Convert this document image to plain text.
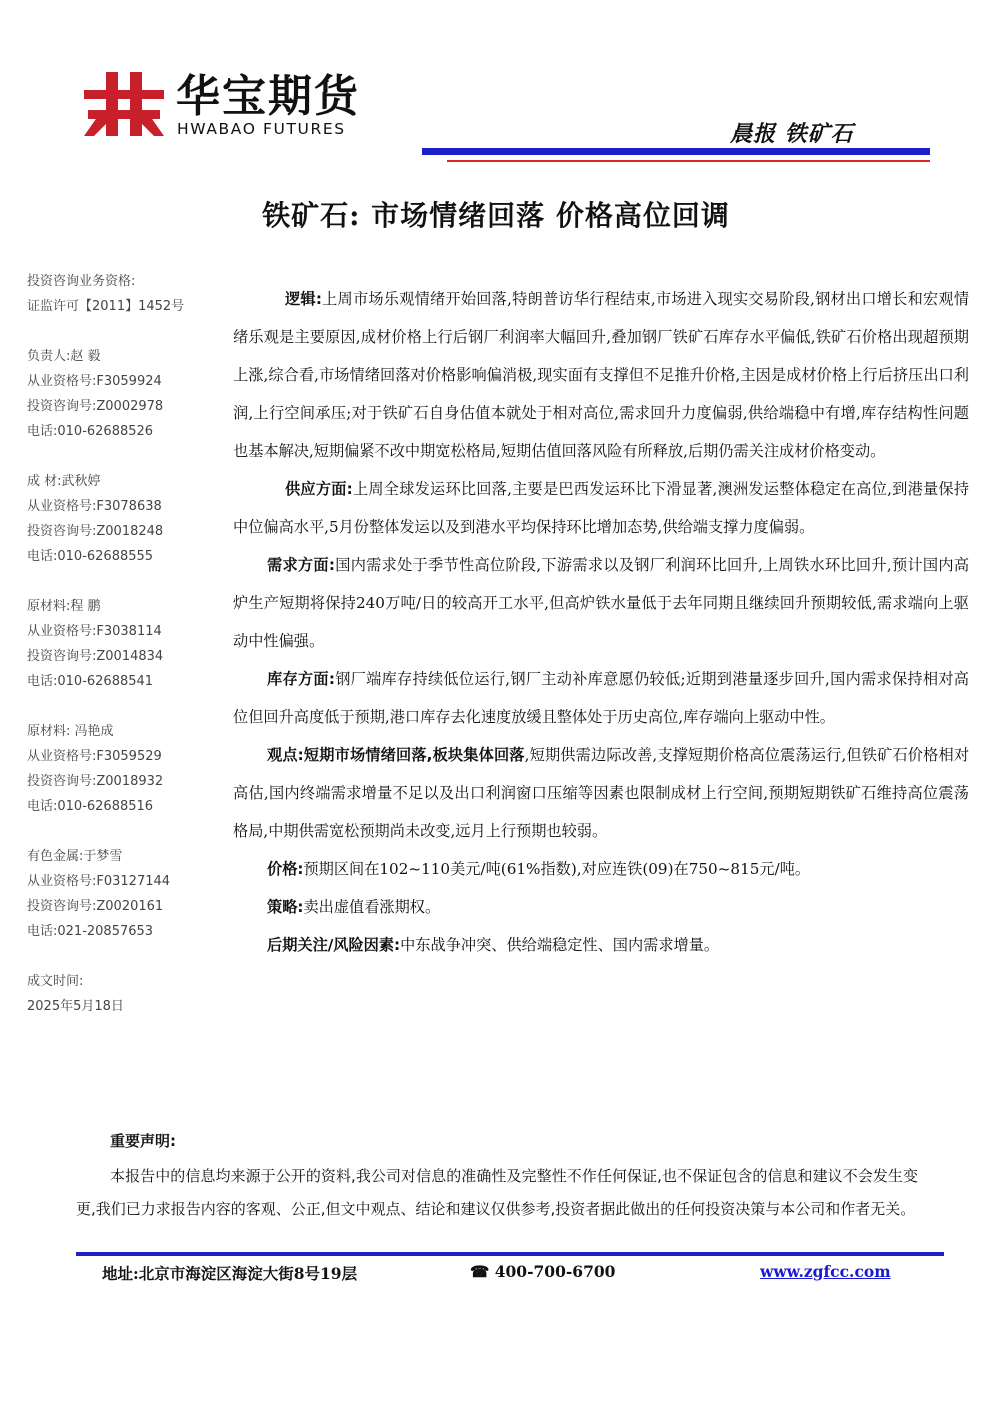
华宝期货
HWABAO FUTURES	晨报 铁矿石
铁矿石: 市场情绪回落 价格高位回调
投资咨询业务资格:
证监许可【2011】1452号
负责人:赵 毅
从业资格号:F3059924
投资咨询号:Z0002978
电话:010-62688526
成 材:武秋婷
从业资格号:F3078638
投资咨询号:Z0018248
电话:010-62688555
原材料:程 鹏
从业资格号:F3038114
投资咨询号:Z0014834
电话:010-62688541
原材料: 冯艳成
从业资格号:F3059529
投资咨询号:Z0018932
电话:010-62688516
有色金属:于梦雪
从业资格号:F03127144
投资咨询号:Z0020161
电话:021-20857653
成文时间:
2025年5月18日

逻辑:上周市场乐观情绪开始回落,特朗普访华行程结束,市场进入现实交易阶段,钢材出口增长和宏观情绪乐观是主要原因,成材价格上行后钢厂利润率大幅回升,叠加钢厂铁矿石库存水平偏低,铁矿石价格出现超预期上涨,综合看,市场情绪回落对价格影响偏消极,现实面有支撑但不足推升价格,主因是成材价格上行后挤压出口利润,上行空间承压;对于铁矿石自身估值本就处于相对高位,需求回升力度偏弱,供给端稳中有增,库存结构性问题也基本解决,短期偏紧不改中期宽松格局,短期估值回落风险有所释放,后期仍需关注成材价格变动。

供应方面:上周全球发运环比回落,主要是巴西发运环比下滑显著,澳洲发运整体稳定在高位,到港量保持中位偏高水平,5月份整体发运以及到港水平均保持环比增加态势,供给端支撑力度偏弱。

需求方面:国内需求处于季节性高位阶段,下游需求以及钢厂利润环比回升,上周铁水环比回升,预计国内高炉生产短期将保持240万吨/日的较高开工水平,但高炉铁水量低于去年同期且继续回升预期较低,需求端向上驱动中性偏强。

库存方面:钢厂端库存持续低位运行,钢厂主动补库意愿仍较低;近期到港量逐步回升,国内需求保持相对高位但回升高度低于预期,港口库存去化速度放缓且整体处于历史高位,库存端向上驱动中性。

观点:短期市场情绪回落,板块集体回落,短期供需边际改善,支撑短期价格高位震荡运行,但铁矿石价格相对高估,国内终端需求增量不足以及出口利润窗口压缩等因素也限制成材上行空间,预期短期铁矿石维持高位震荡格局,中期供需宽松预期尚未改变,远月上行预期也较弱。

价格:预期区间在102~110美元/吨(61%指数),对应连铁(09)在750~815元/吨。

策略:卖出虚值看涨期权。

后期关注/风险因素:中东战争冲突、供给端稳定性、国内需求增量。

重要声明:

本报告中的信息均来源于公开的资料,我公司对信息的准确性及完整性不作任何保证,也不保证包含的信息和建议不会发生变更,我们已力求报告内容的客观、公正,但文中观点、结论和建议仅供参考,投资者据此做出的任何投资决策与本公司和作者无关。

地址:北京市海淀区海淀大街8号19层	☎ 400-700-6700	www.zgfcc.com
